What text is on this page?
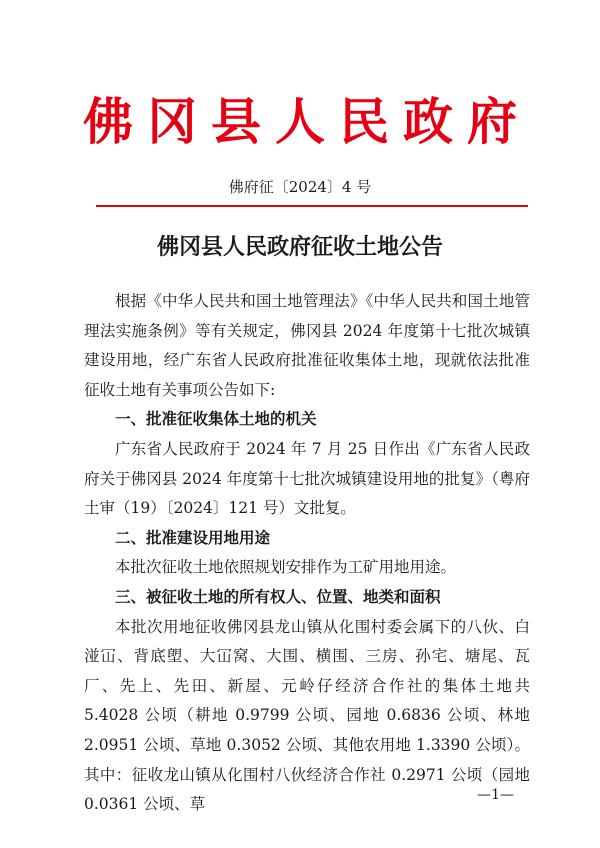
佛冈县人民政府
佛府征〔2024〕4 号
佛冈县人民政府征收土地公告

根据《中华人民共和国土地管理法》《中华人民共和国土地管理法实施条例》等有关规定，佛冈县 2024 年度第十七批次城镇建设用地，经广东省人民政府批准征收集体土地，现就依法批准征收土地有关事项公告如下:

一、批准征收集体土地的机关

广东省人民政府于 2024 年 7 月 25 日作出《广东省人民政府关于佛冈县 2024 年度第十七批次城镇建设用地的批复》（粤府土审（19）〔2024〕121 号）文批复。

二、批准建设用地用途

本批次征收土地依照规划安排作为工矿用地用途。

三、被征收土地的所有权人、位置、地类和面积

本批次用地征收佛冈县龙山镇从化围村委会属下的八伙、白湴冚、背底塱、大冚窝、大围、横围、三房、孙宅、塘尾、瓦厂、先上、先田、新屋、元岭仔经济合作社的集体土地共 5.4028 公顷（耕地 0.9799 公顷、园地 0.6836 公顷、林地 2.0951 公顷、草地 0.3052 公顷、其他农用地 1.3390 公顷）。其中：征收龙山镇从化围村八伙经济合作社 0.2971 公顷（园地 0.0361 公顷、草

—1—
